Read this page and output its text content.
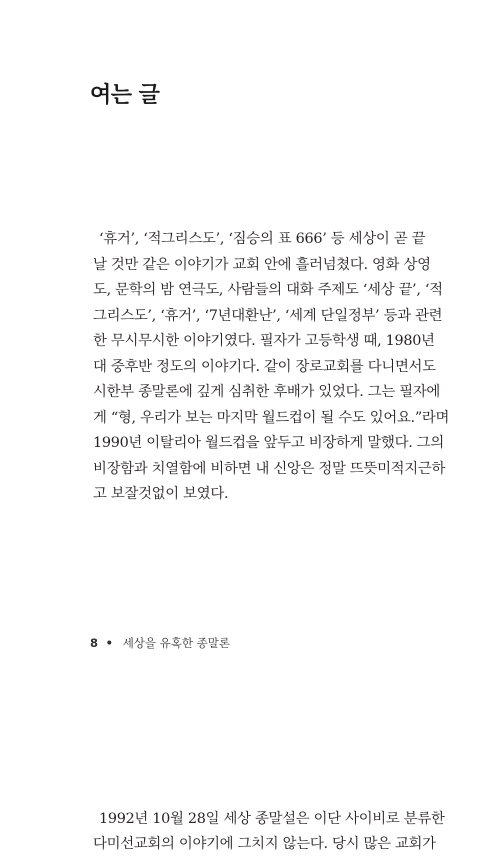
여는 글
‘휴거’, ‘적그리스도’, ‘짐승의 표 666’ 등 세상이 곧 끝
날 것만 같은 이야기가 교회 안에 흘러넘쳤다. 영화 상영
도, 문학의 밤 연극도, 사람들의 대화 주제도 ‘세상 끝’, ‘적
그리스도’, ‘휴거’, ‘7년대환난’, ‘세계 단일정부’ 등과 관련
한 무시무시한 이야기였다. 필자가 고등학생 때, 1980년
대 중후반 정도의 이야기다. 같이 장로교회를 다니면서도
시한부 종말론에 깊게 심취한 후배가 있었다. 그는 필자에
게 “형, 우리가 보는 마지막 월드컵이 될 수도 있어요.”라며
1990년 이탈리아 월드컵을 앞두고 비장하게 말했다. 그의
비장함과 치열함에 비하면 내 신앙은 정말 뜨뜻미적지근하
고 보잘것없이 보였다.
1992년 10월 28일 세상 종말설은 이단 사이비로 분류한
다미선교회의 이야기에 그치지 않는다. 당시 많은 교회가
8 • 세상을 유혹한 종말론
